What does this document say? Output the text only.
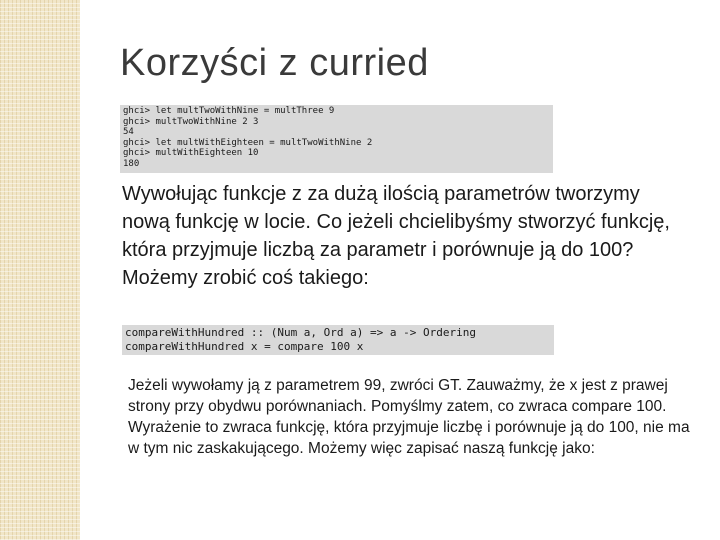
Korzyści z curried
ghci> let multTwoWithNine = multThree 9
ghci> multTwoWithNine 2 3
54
ghci> let multWithEighteen = multTwoWithNine 2
ghci> multWithEighteen 10
180
Wywołując funkcje z za dużą ilością parametrów tworzymy nową funkcję w locie. Co jeżeli chcielibyśmy stworzyć funkcję, która przyjmuje liczbą za parametr i porównuje ją do 100? Możemy zrobić coś takiego:
compareWithHundred :: (Num a, Ord a) => a -> Ordering
compareWithHundred x = compare 100 x
Jeżeli wywołamy ją z parametrem 99, zwróci GT. Zauważmy, że x jest z prawej strony przy obydwu porównaniach. Pomyślmy zatem, co zwraca compare 100. Wyrażenie to zwraca funkcję, która przyjmuje liczbę i porównuje ją do 100, nie ma w tym nic zaskakującego. Możemy więc zapisać naszą funkcję jako:
